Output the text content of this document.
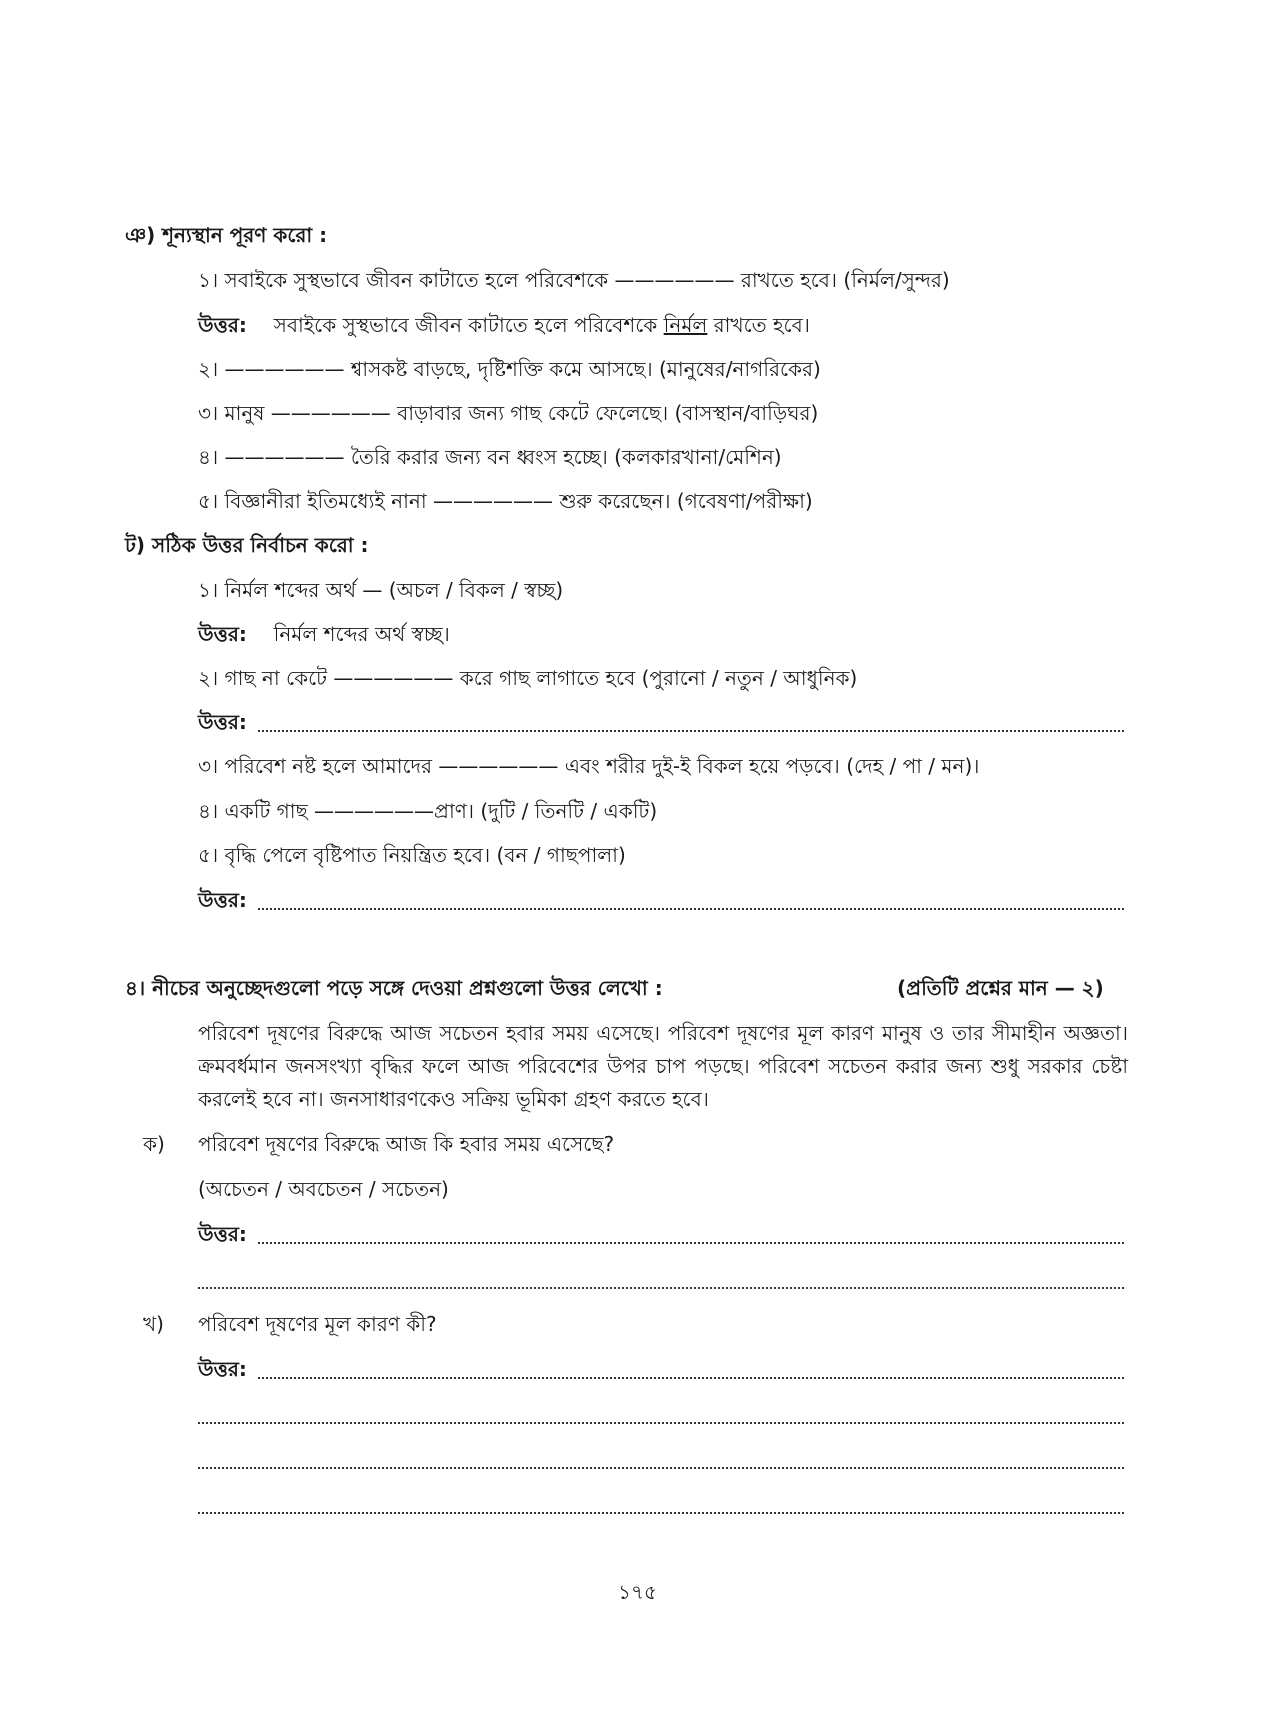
ঞ) শূন্যস্থান পূরণ করো :
১। সবাইকে সুস্থভাবে জীবন কাটাতে হলে পরিবেশকে —————— রাখতে হবে। (নির্মল/সুন্দর)
উত্তর: সবাইকে সুস্থভাবে জীবন কাটাতে হলে পরিবেশকে নির্মল রাখতে হবে।
২। —————— শ্বাসকষ্ট বাড়ছে, দৃষ্টিশক্তি কমে আসছে। (মানুষের/নাগরিকের)
৩। মানুষ —————— বাড়াবার জন্য গাছ কেটে ফেলেছে। (বাসস্থান/বাড়িঘর)
৪। —————— তৈরি করার জন্য বন ধ্বংস হচ্ছে। (কলকারখানা/মেশিন)
৫। বিজ্ঞানীরা ইতিমধ্যেই নানা —————— শুরু করেছেন। (গবেষণা/পরীক্ষা)
ট) সঠিক উত্তর নির্বাচন করো :
১। নির্মল শব্দের অর্থ — (অচল / বিকল / স্বচ্ছ)
উত্তর: নির্মল শব্দের অর্থ স্বচ্ছ।
২। গাছ না কেটে —————— করে গাছ লাগাতে হবে (পুরানো / নতুন / আধুনিক)
উত্তর:
৩। পরিবেশ নষ্ট হলে আমাদের —————— এবং শরীর দুই-ই বিকল হয়ে পড়বে। (দেহ / পা / মন)।
৪। একটি গাছ ——————প্রাণ। (দুটি / তিনটি / একটি)
৫। বৃদ্ধি পেলে বৃষ্টিপাত নিয়ন্ত্রিত হবে। (বন / গাছপালা)
উত্তর:
৪। নীচের অনুচ্ছেদগুলো পড়ে সঙ্গে দেওয়া প্রশ্নগুলো উত্তর লেখো :	(প্রতিটি প্রশ্নের মান — ২)
পরিবেশ দূষণের বিরুদ্ধে আজ সচেতন হবার সময় এসেছে। পরিবেশ দূষণের মূল কারণ মানুষ ও তার সীমাহীন অজ্ঞতা। ক্রমবর্ধমান জনসংখ্যা বৃদ্ধির ফলে আজ পরিবেশের উপর চাপ পড়ছে। পরিবেশ সচেতন করার জন্য শুধু সরকার চেষ্টা করলেই হবে না। জনসাধারণকেও সক্রিয় ভূমিকা গ্রহণ করতে হবে।
ক) পরিবেশ দূষণের বিরুদ্ধে আজ কি হবার সময় এসেছে?
(অচেতন / অবচেতন / সচেতন)
উত্তর:
খ) পরিবেশ দূষণের মূল কারণ কী?
উত্তর:
১৭৫
